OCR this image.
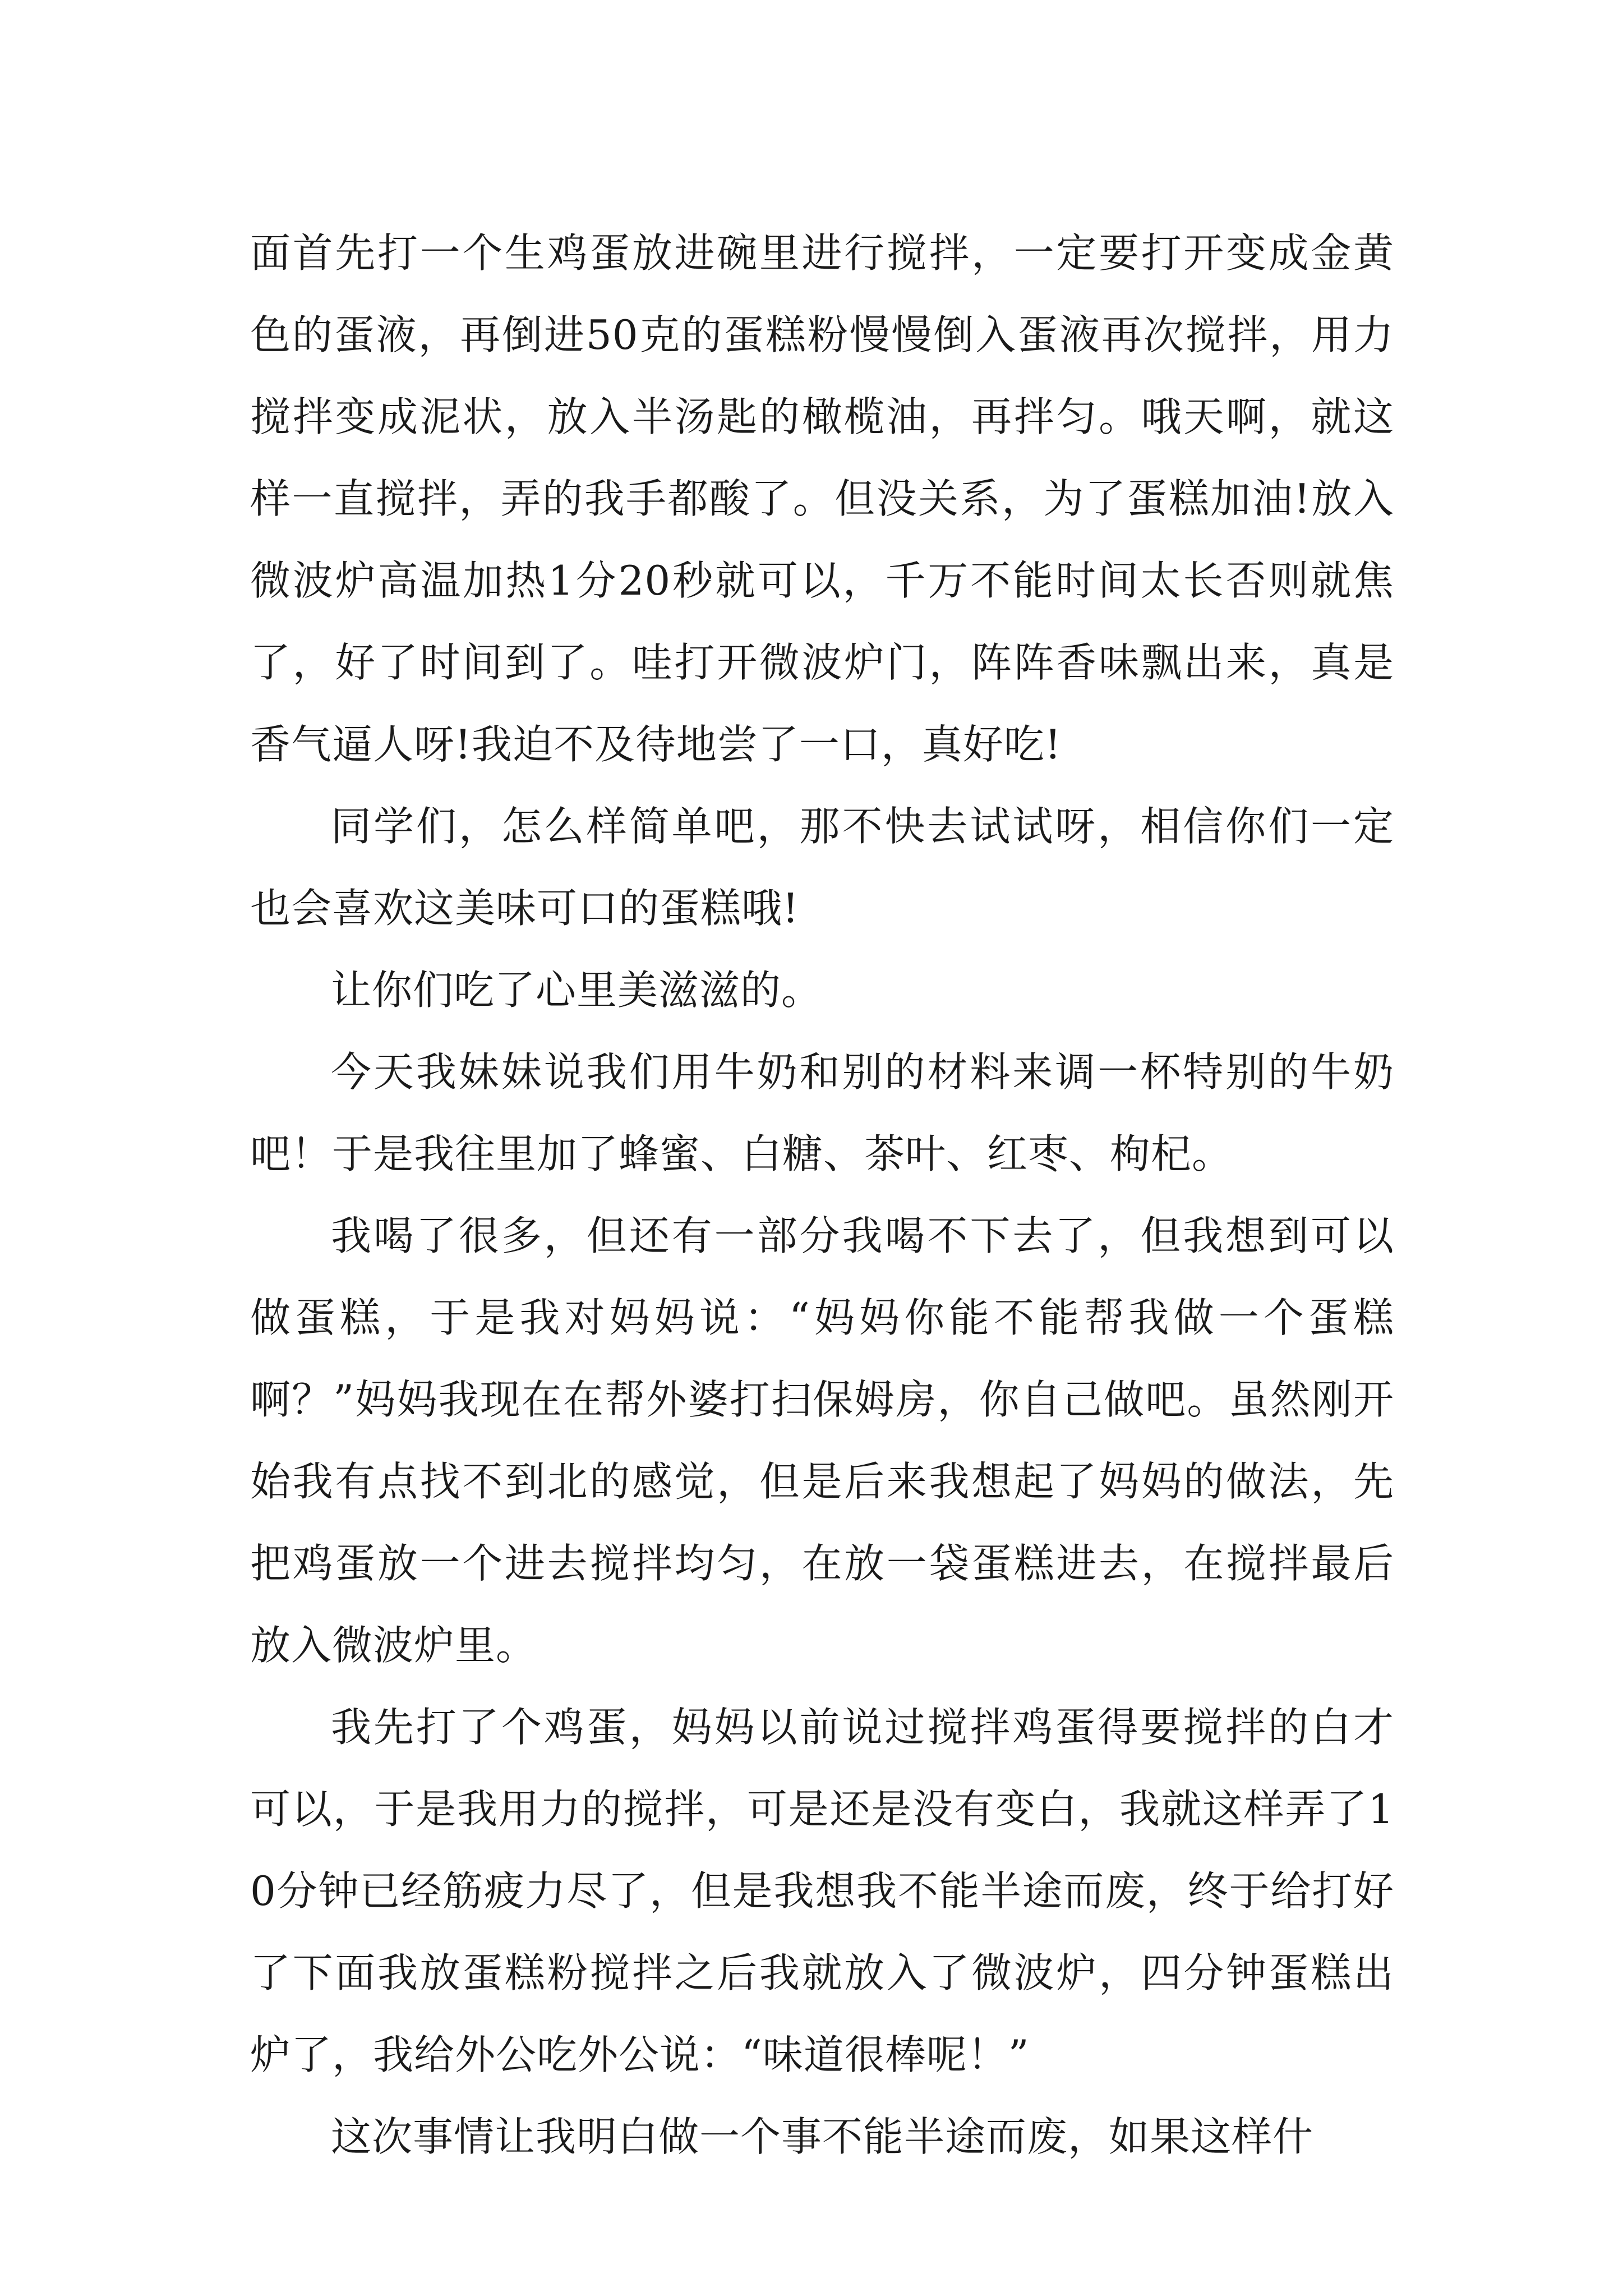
面首先打一个生鸡蛋放进碗里进行搅拌，一定要打开变成金黄色的蛋液，再倒进50克的蛋糕粉慢慢倒入蛋液再次搅拌，用力搅拌变成泥状，放入半汤匙的橄榄油，再拌匀。哦天啊，就这样一直搅拌，弄的我手都酸了。但没关系，为了蛋糕加油!放入微波炉高温加热1分20秒就可以，千万不能时间太长否则就焦了，好了时间到了。哇打开微波炉门，阵阵香味飘出来，真是香气逼人呀!我迫不及待地尝了一口，真好吃!

同学们，怎么样简单吧，那不快去试试呀，相信你们一定也会喜欢这美味可口的蛋糕哦!

让你们吃了心里美滋滋的。

今天我妹妹说我们用牛奶和别的材料来调一杯特别的牛奶吧！于是我往里加了蜂蜜、白糖、茶叶、红枣、枸杞。

我喝了很多，但还有一部分我喝不下去了，但我想到可以做蛋糕，于是我对妈妈说：“妈妈你能不能帮我做一个蛋糕啊？”妈妈我现在在帮外婆打扫保姆房，你自己做吧。虽然刚开始我有点找不到北的感觉，但是后来我想起了妈妈的做法，先把鸡蛋放一个进去搅拌均匀，在放一袋蛋糕进去，在搅拌最后放入微波炉里。

我先打了个鸡蛋，妈妈以前说过搅拌鸡蛋得要搅拌的白才可以，于是我用力的搅拌，可是还是没有变白，我就这样弄了10分钟已经筋疲力尽了，但是我想我不能半途而废，终于给打好了下面我放蛋糕粉搅拌之后我就放入了微波炉，四分钟蛋糕出炉了，我给外公吃外公说：“味道很棒呢！”

这次事情让我明白做一个事不能半途而废，如果这样什
